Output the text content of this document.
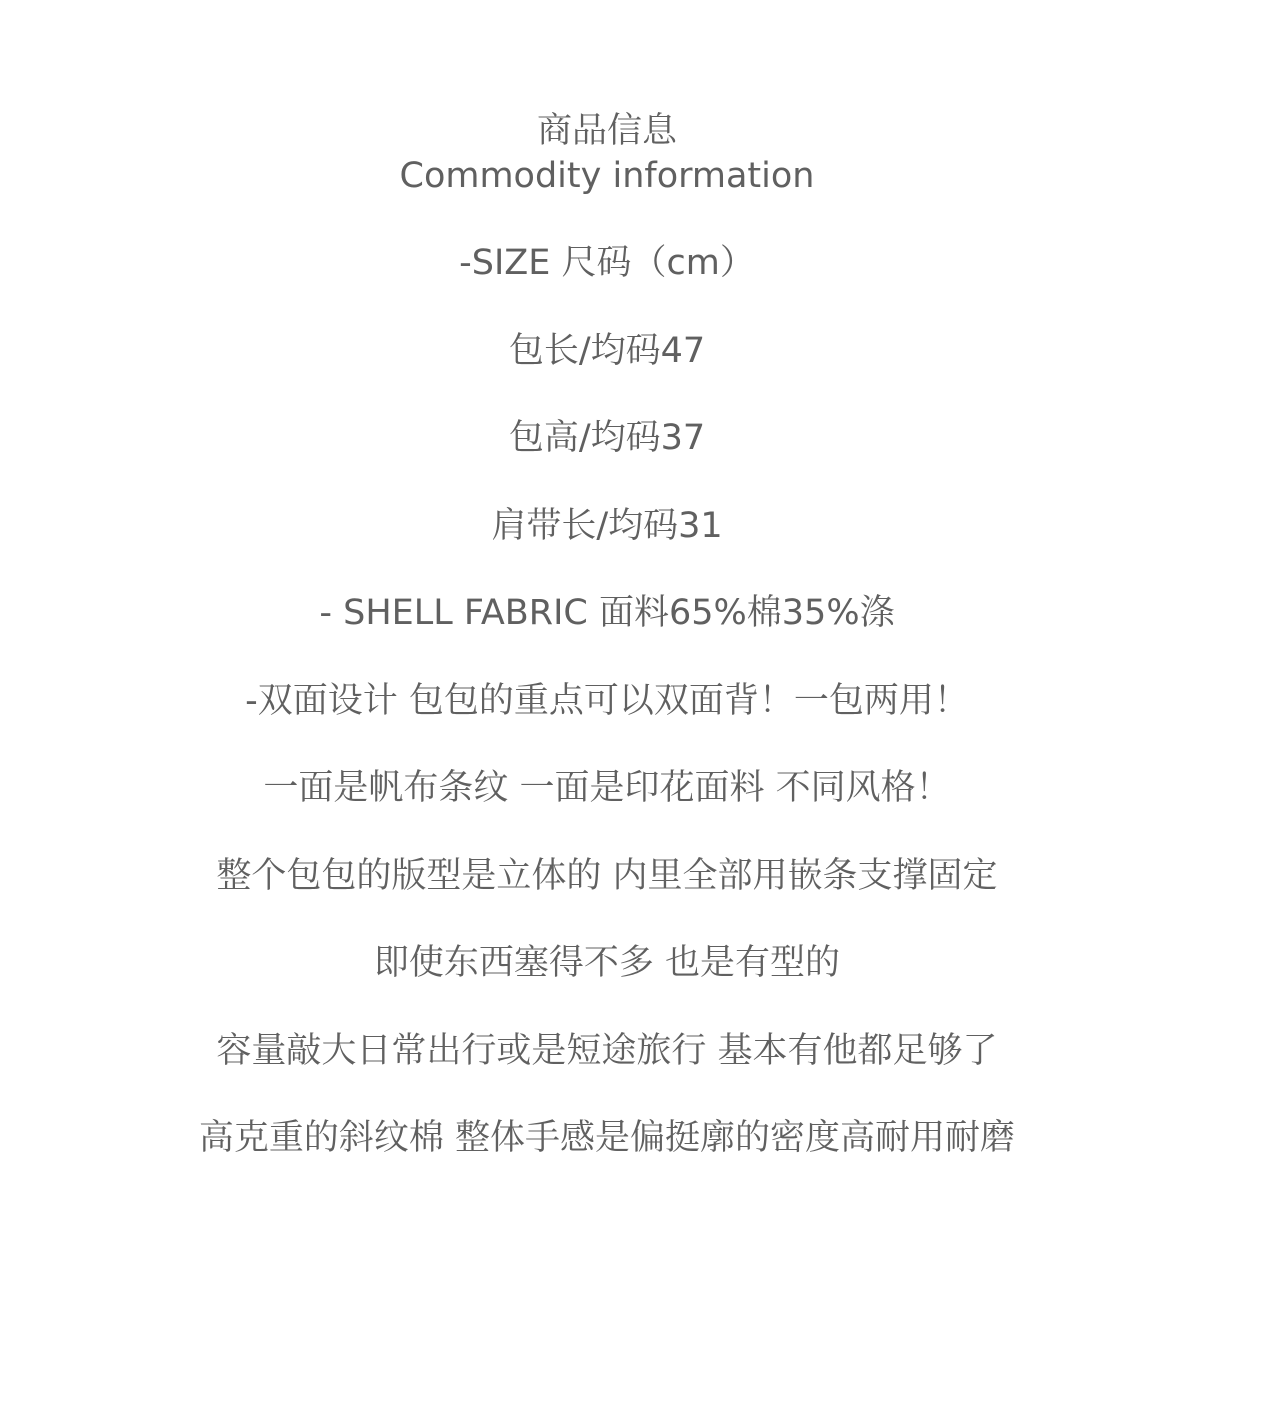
商品信息
Commodity information
-SIZE 尺码（cm）
包长/均码47
包高/均码37
肩带长/均码31
- SHELL FABRIC 面料65%棉35%涤
-双面设计 包包的重点可以双面背！一包两用！
一面是帆布条纹 一面是印花面料 不同风格！
整个包包的版型是立体的 内里全部用嵌条支撑固定
即使东西塞得不多 也是有型的
容量敲大日常出行或是短途旅行 基本有他都足够了
高克重的斜纹棉 整体手感是偏挺廓的密度高耐用耐磨
